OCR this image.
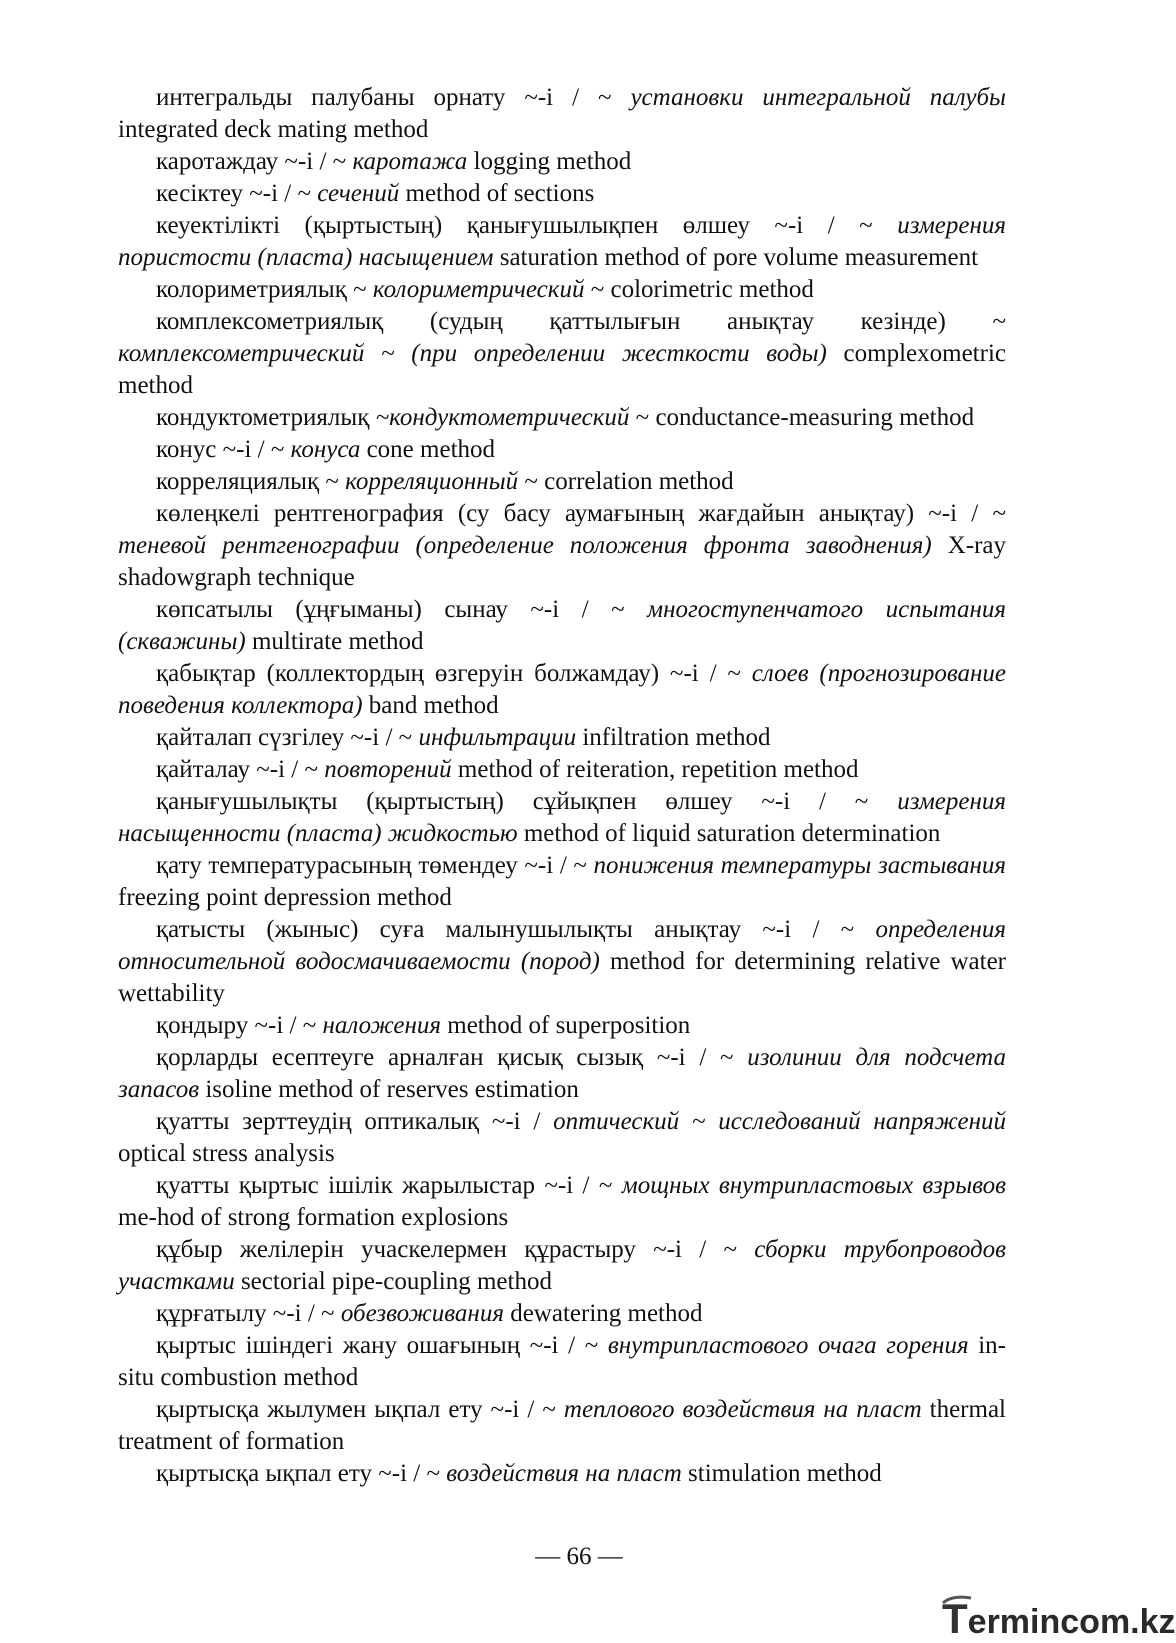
интегральды палубаны орнату ~-і / ~ установки интегральной палубы integrated deck mating method

каротаждау ~-і / ~ каротажа logging method

кесіктеу ~-і / ~ сечений method of sections

кеуектілікті (қыртыстың) қанығушылықпен өлшеу ~-і / ~ измерения пористости (пласта) насыщением saturation method of pore volume measurement

колориметриялық ~ колориметрический ~ colorimetric method

комплексометриялық (судың қаттылығын анықтау кезінде) ~ комплексометрический ~ (при определении жесткости воды) complexometric method

кондуктометриялық ~кондуктометрический ~ conductance-measuring method

конус ~-і / ~ конуса cone method

корреляциялық ~ корреляционный ~ correlation method

көлеңкелі рентгенография (су басу аумағының жағдайын анықтау) ~-і / ~ теневой рентгенографии (определение положения фронта заводнения) X-ray shadowgraph technique

көпсатылы (ұңғыманы) сынау ~-і / ~ многоступенчатого испытания (скважины) multirate method

қабықтар (коллектордың өзгеруін болжамдау) ~-і / ~ слоев (прогнозирование поведения коллектора) band method

қайталап сүзгілеу ~-і / ~ инфильтрации infiltration method

қайталау ~-і / ~ повторений method of reiteration, repetition method

қанығушылықты (қыртыстың) сұйықпен өлшеу ~-і / ~ измерения насыщенности (пласта) жидкостью method of liquid saturation determination

қату температурасының төмендеу ~-і / ~ понижения температуры застывания freezing point depression method

қатысты (жыныс) суға малынушылықты анықтау ~-і / ~ определения относительной водосмачиваемости (пород) method for determining relative water wettability

қондыру ~-і / ~ наложения method of superposition

қорларды есептеуге арналған қисық сызық ~-і / ~ изолинии для подсчета запасов isoline method of reserves estimation

қуатты зерттеудің оптикалық ~-і / оптический ~ исследований напряжений optical stress analysis

қуатты қыртыс ішілік жарылыстар ~-і / ~ мощных внутрипластовых взрывов me-hod of strong formation explosions

құбыр желілерін учаскелермен құрастыру ~-і / ~ сборки трубопроводов участками sectorial pipe-coupling method

құрғатылу ~-і / ~ обезвоживания dewatering method

қыртыс ішіндегі жану ошағының ~-і / ~ внутрипластового очага горения in-situ combustion method

қыртысқа жылумен ықпал ету ~-і / ~ теплового воздействия на пласт thermal treatment of formation

қыртысқа ықпал ету ~-і / ~ воздействия на пласт stimulation method

— 66 —
Termincom.kz
